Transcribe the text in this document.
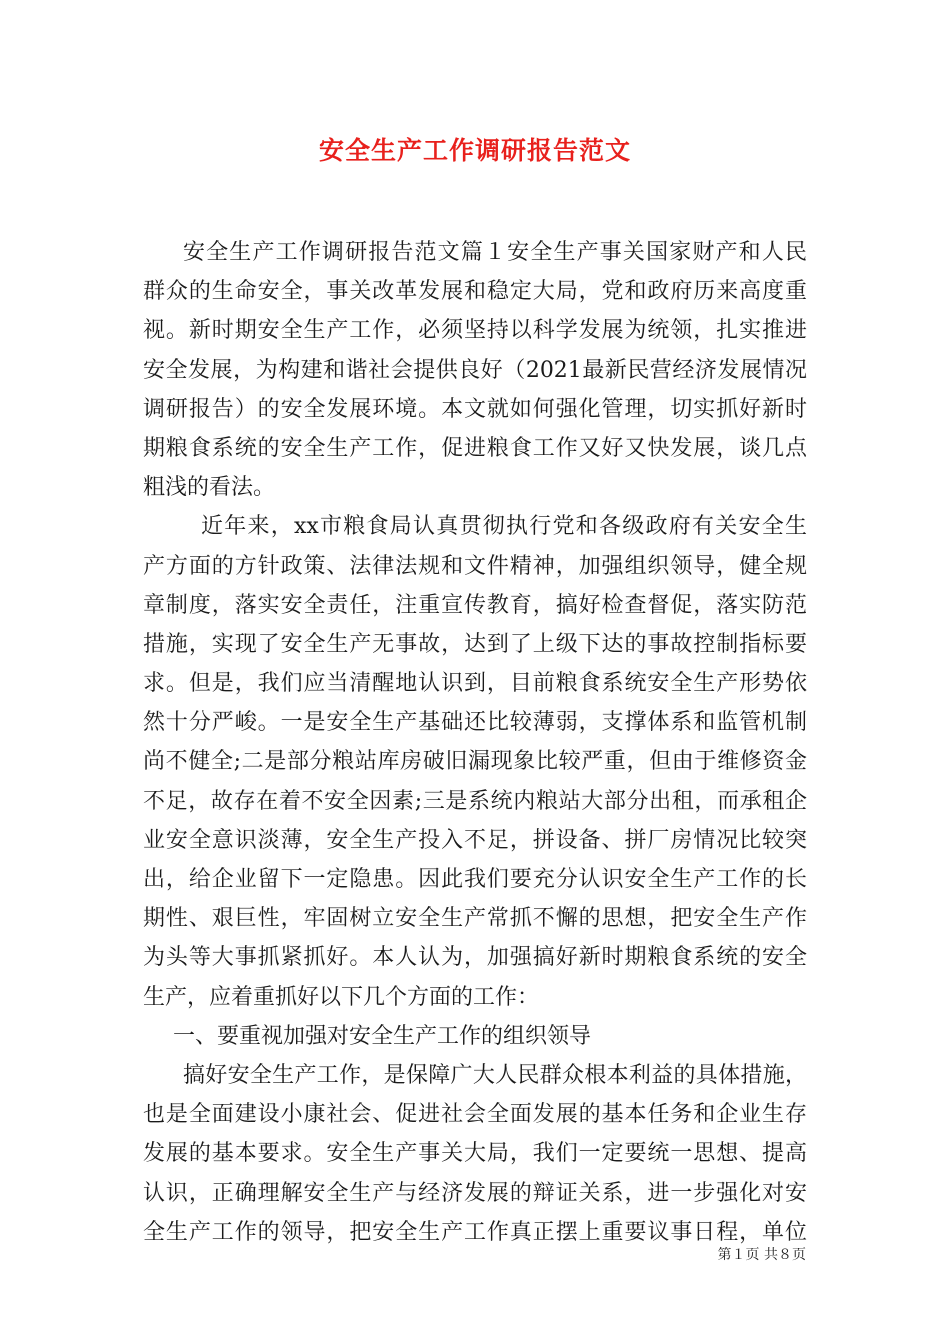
安全生产工作调研报告范文
安全生产工作调研报告范文篇１安全生产事关国家财产和人民
群众的生命安全，事关改革发展和稳定大局，党和政府历来高度重
视。新时期安全生产工作，必须坚持以科学发展为统领，扎实推进
安全发展，为构建和谐社会提供良好（2021最新民营经济发展情况
调研报告）的安全发展环境。本文就如何强化管理，切实抓好新时
期粮食系统的安全生产工作，促进粮食工作又好又快发展，谈几点
粗浅的看法。
近年来，xx市粮食局认真贯彻执行党和各级政府有关安全生
产方面的方针政策、法律法规和文件精神，加强组织领导，健全规
章制度，落实安全责任，注重宣传教育，搞好检查督促，落实防范
措施，实现了安全生产无事故，达到了上级下达的事故控制指标要
求。但是，我们应当清醒地认识到，目前粮食系统安全生产形势依
然十分严峻。一是安全生产基础还比较薄弱，支撑体系和监管机制
尚不健全;二是部分粮站库房破旧漏现象比较严重，但由于维修资金
不足，故存在着不安全因素;三是系统内粮站大部分出租，而承租企
业安全意识淡薄，安全生产投入不足，拼设备、拼厂房情况比较突
出，给企业留下一定隐患。因此我们要充分认识安全生产工作的长
期性、艰巨性，牢固树立安全生产常抓不懈的思想，把安全生产作
为头等大事抓紧抓好。本人认为，加强搞好新时期粮食系统的安全
生产，应着重抓好以下几个方面的工作：
一、要重视加强对安全生产工作的组织领导
搞好安全生产工作，是保障广大人民群众根本利益的具体措施，
也是全面建设小康社会、促进社会全面发展的基本任务和企业生存
发展的基本要求。安全生产事关大局，我们一定要统一思想、提高
认识，正确理解安全生产与经济发展的辩证关系，进一步强化对安
全生产工作的领导，把安全生产工作真正摆上重要议事日程，单位
第１页 共８页
